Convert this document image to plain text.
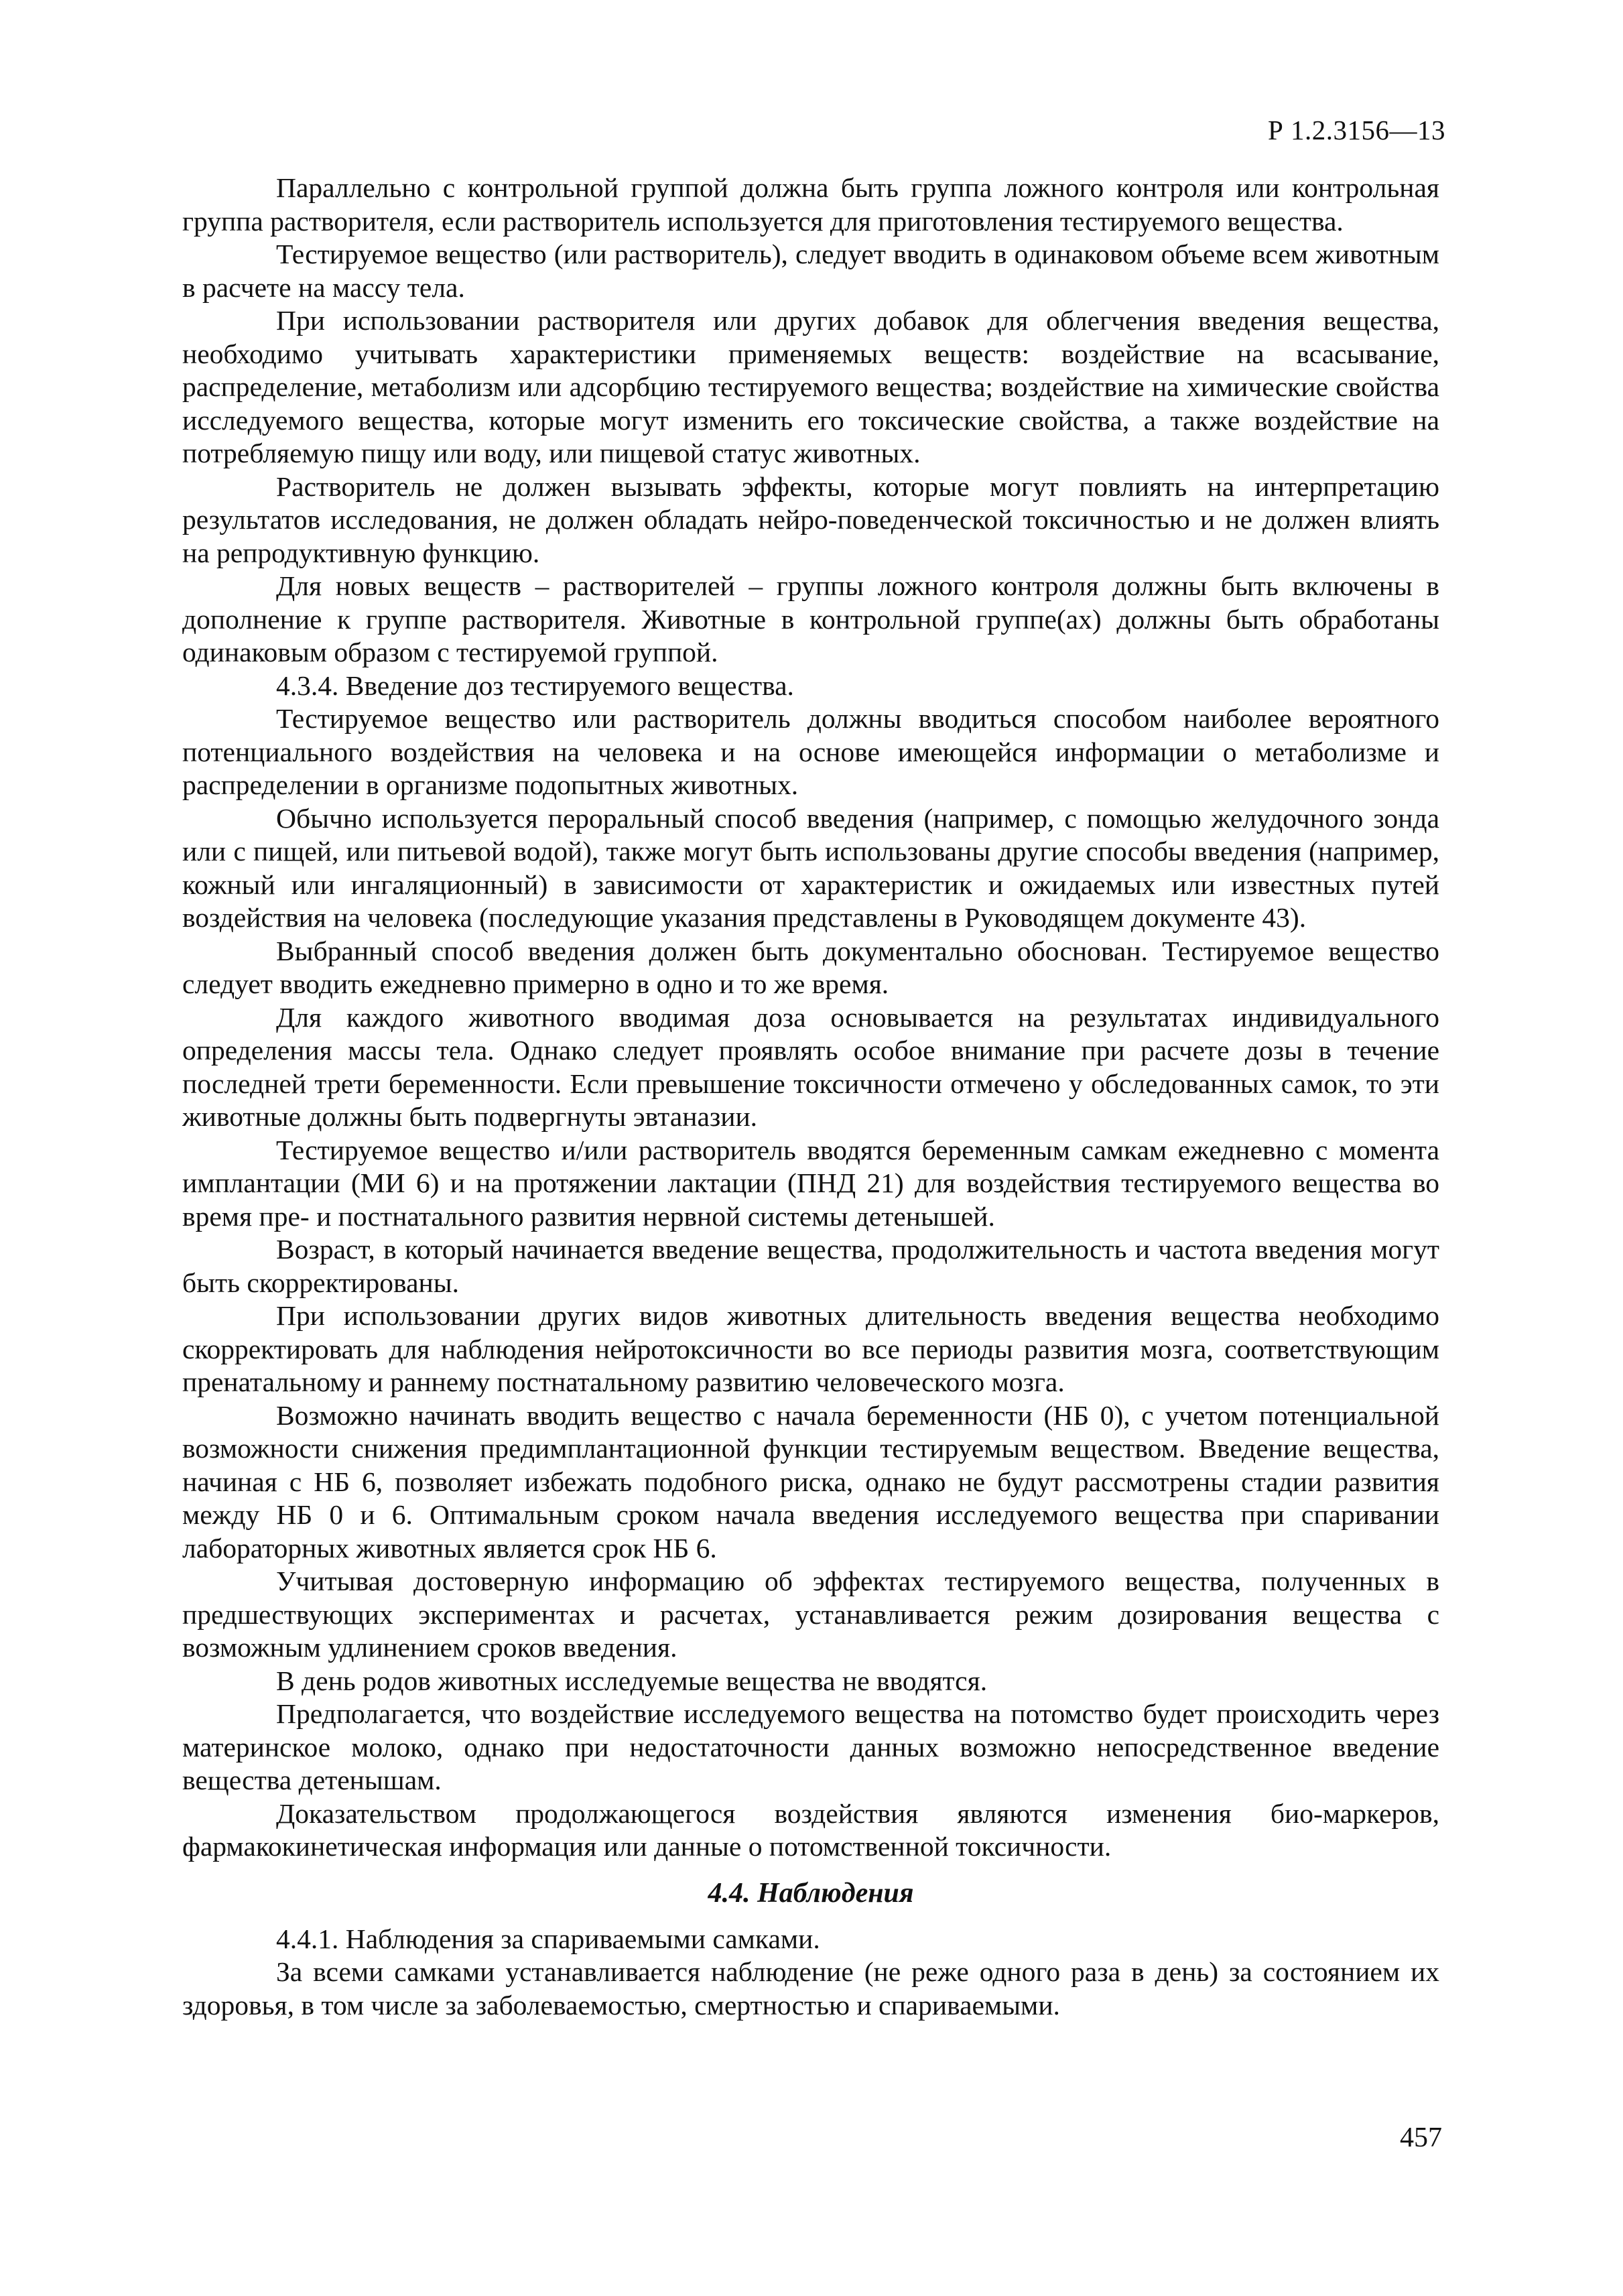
Р 1.2.3156—13

Параллельно с контрольной группой должна быть группа ложного контроля или контрольная группа растворителя, если растворитель используется для приготовления тестируемого вещества.

Тестируемое вещество (или растворитель), следует вводить в одинаковом объеме всем животным в расчете на массу тела.

При использовании растворителя или других добавок для облегчения введения вещества, необходимо учитывать характеристики применяемых веществ: воздействие на всасывание, распределение, метаболизм или адсорбцию тестируемого вещества; воздействие на химические свойства исследуемого вещества, которые могут изменить его токсические свойства, а также воздействие на потребляемую пищу или воду, или пищевой статус животных.

Растворитель не должен вызывать эффекты, которые могут повлиять на интерпретацию результатов исследования, не должен обладать нейро-поведенческой токсичностью и не должен влиять на репродуктивную функцию.

Для новых веществ – растворителей – группы ложного контроля должны быть включены в дополнение к группе растворителя. Животные в контрольной группе(ах) должны быть обработаны одинаковым образом с тестируемой группой.

4.3.4. Введение доз тестируемого вещества.

Тестируемое вещество или растворитель должны вводиться способом наиболее вероятного потенциального воздействия на человека и на основе имеющейся информации о метаболизме и распределении в организме подопытных животных.

Обычно используется пероральный способ введения (например, с помощью желудочного зонда или с пищей, или питьевой водой), также могут быть использованы другие способы введения (например, кожный или ингаляционный) в зависимости от характеристик и ожидаемых или известных путей воздействия на человека (последующие указания представлены в Руководящем документе 43).

Выбранный способ введения должен быть документально обоснован. Тестируемое вещество следует вводить ежедневно примерно в одно и то же время.

Для каждого животного вводимая доза основывается на результатах индивидуального определения массы тела. Однако следует проявлять особое внимание при расчете дозы в течение последней трети беременности. Если превышение токсичности отмечено у обследованных самок, то эти животные должны быть подвергнуты эвтаназии.

Тестируемое вещество и/или растворитель вводятся беременным самкам ежедневно с момента имплантации (МИ 6) и на протяжении лактации (ПНД 21) для воздействия тестируемого вещества во время пре- и постнатального развития нервной системы детенышей.

Возраст, в который начинается введение вещества, продолжительность и частота введения могут быть скорректированы.

При использовании других видов животных длительность введения вещества необходимо скорректировать для наблюдения нейротоксичности во все периоды развития мозга, соответствующим пренатальному и раннему постнатальному развитию человеческого мозга.

Возможно начинать вводить вещество с начала беременности (НБ 0), с учетом потенциальной возможности снижения предимплантационной функции тестируемым веществом. Введение вещества, начиная с НБ 6, позволяет избежать подобного риска, однако не будут рассмотрены стадии развития между НБ 0 и 6. Оптимальным сроком начала введения исследуемого вещества при спаривании лабораторных животных является срок НБ 6.

Учитывая достоверную информацию об эффектах тестируемого вещества, полученных в предшествующих экспериментах и расчетах, устанавливается режим дозирования вещества с возможным удлинением сроков введения.

В день родов животных исследуемые вещества не вводятся.

Предполагается, что воздействие исследуемого вещества на потомство будет происходить через материнское молоко, однако при недостаточности данных возможно непосредственное введение вещества детенышам.

Доказательством продолжающегося воздействия являются изменения био-маркеров, фармакокинетическая информация или данные о потомственной токсичности.

4.4. Наблюдения

4.4.1. Наблюдения за спариваемыми самками.

За всеми самками устанавливается наблюдение (не реже одного раза в день) за состоянием их здоровья, в том числе за заболеваемостью, смертностью и спариваемыми.

457
